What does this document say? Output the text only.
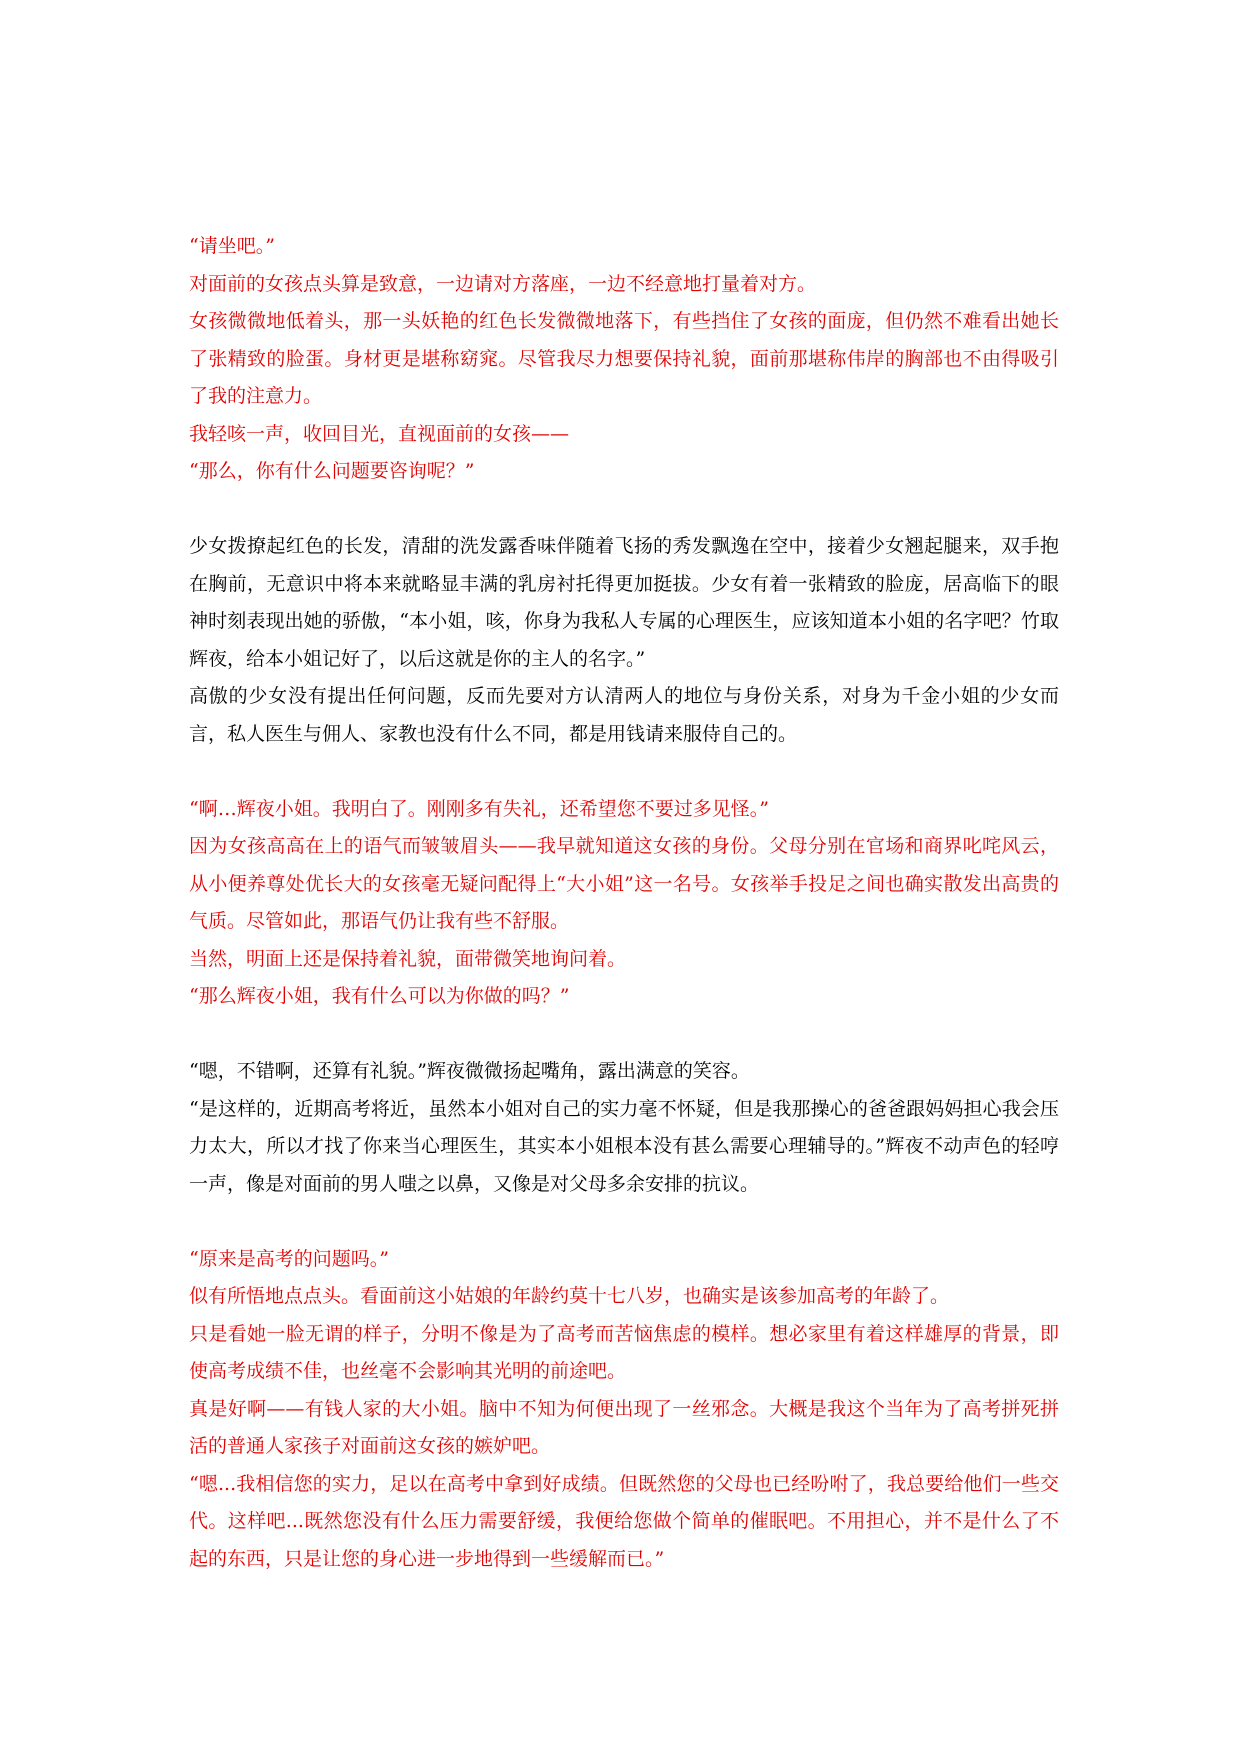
“请坐吧。”

对面前的女孩点头算是致意，一边请对方落座，一边不经意地打量着对方。

女孩微微地低着头，那一头妖艳的红色长发微微地落下，有些挡住了女孩的面庞，但仍然不难看出她长了张精致的脸蛋。身材更是堪称窈窕。尽管我尽力想要保持礼貌，面前那堪称伟岸的胸部也不由得吸引了我的注意力。

我轻咳一声，收回目光，直视面前的女孩——

“那么，你有什么问题要咨询呢？”

少女拨撩起红色的长发，清甜的洗发露香味伴随着飞扬的秀发飘逸在空中，接着少女翘起腿来，双手抱在胸前，无意识中将本来就略显丰满的乳房衬托得更加挺拔。少女有着一张精致的脸庞，居高临下的眼神时刻表现出她的骄傲，“本小姐，咳，你身为我私人专属的心理医生，应该知道本小姐的名字吧？竹取辉夜，给本小姐记好了，以后这就是你的主人的名字。”

高傲的少女没有提出任何问题，反而先要对方认清两人的地位与身份关系，对身为千金小姐的少女而言，私人医生与佣人、家教也没有什么不同，都是用钱请来服侍自己的。

“啊…辉夜小姐。我明白了。刚刚多有失礼，还希望您不要过多见怪。”

因为女孩高高在上的语气而皱皱眉头——我早就知道这女孩的身份。父母分别在官场和商界叱咤风云，从小便养尊处优长大的女孩毫无疑问配得上“大小姐”这一名号。女孩举手投足之间也确实散发出高贵的气质。尽管如此，那语气仍让我有些不舒服。

当然，明面上还是保持着礼貌，面带微笑地询问着。

“那么辉夜小姐，我有什么可以为你做的吗？”

“嗯，不错啊，还算有礼貌。”辉夜微微扬起嘴角，露出满意的笑容。

“是这样的，近期高考将近，虽然本小姐对自己的实力毫不怀疑，但是我那操心的爸爸跟妈妈担心我会压力太大，所以才找了你来当心理医生，其实本小姐根本没有甚么需要心理辅导的。”辉夜不动声色的轻哼一声，像是对面前的男人嗤之以鼻，又像是对父母多余安排的抗议。

“原来是高考的问题吗。”

似有所悟地点点头。看面前这小姑娘的年龄约莫十七八岁，也确实是该参加高考的年龄了。

只是看她一脸无谓的样子，分明不像是为了高考而苦恼焦虑的模样。想必家里有着这样雄厚的背景，即使高考成绩不佳，也丝毫不会影响其光明的前途吧。

真是好啊——有钱人家的大小姐。脑中不知为何便出现了一丝邪念。大概是我这个当年为了高考拼死拼活的普通人家孩子对面前这女孩的嫉妒吧。

“嗯...我相信您的实力，足以在高考中拿到好成绩。但既然您的父母也已经吩咐了，我总要给他们一些交代。这样吧...既然您没有什么压力需要舒缓，我便给您做个简单的催眠吧。不用担心，并不是什么了不起的东西，只是让您的身心进一步地得到一些缓解而已。”
